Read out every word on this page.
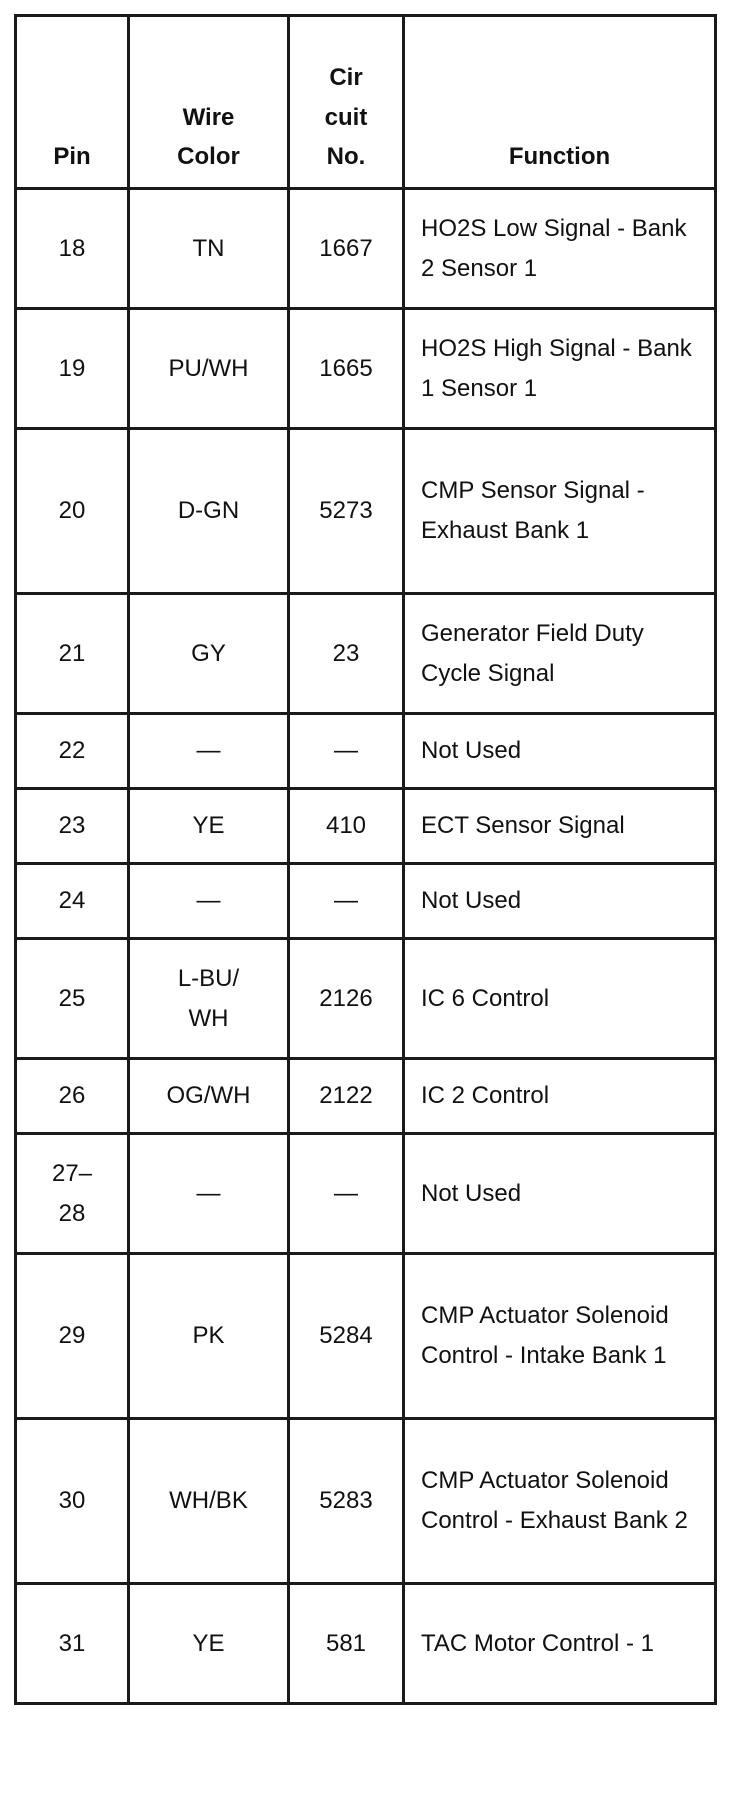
Pin	Wire Color	Cir cuit No.	Function

18	TN	1667	HO2S Low Signal - Bank 2 Sensor 1
19	PU/WH	1665	HO2S High Signal - Bank 1 Sensor 1
20	D-GN	5273	CMP Sensor Signal - Exhaust Bank 1
21	GY	23	Generator Field Duty Cycle Signal
22	—	—	Not Used
23	YE	410	ECT Sensor Signal
24	—	—	Not Used
25	L-BU/ WH	2126	IC 6 Control
26	OG/WH	2122	IC 2 Control
27– 28	—	—	Not Used
29	PK	5284	CMP Actuator Solenoid Control - Intake Bank 1
30	WH/BK	5283	CMP Actuator Solenoid Control - Exhaust Bank 2
31	YE	581	TAC Motor Control - 1
